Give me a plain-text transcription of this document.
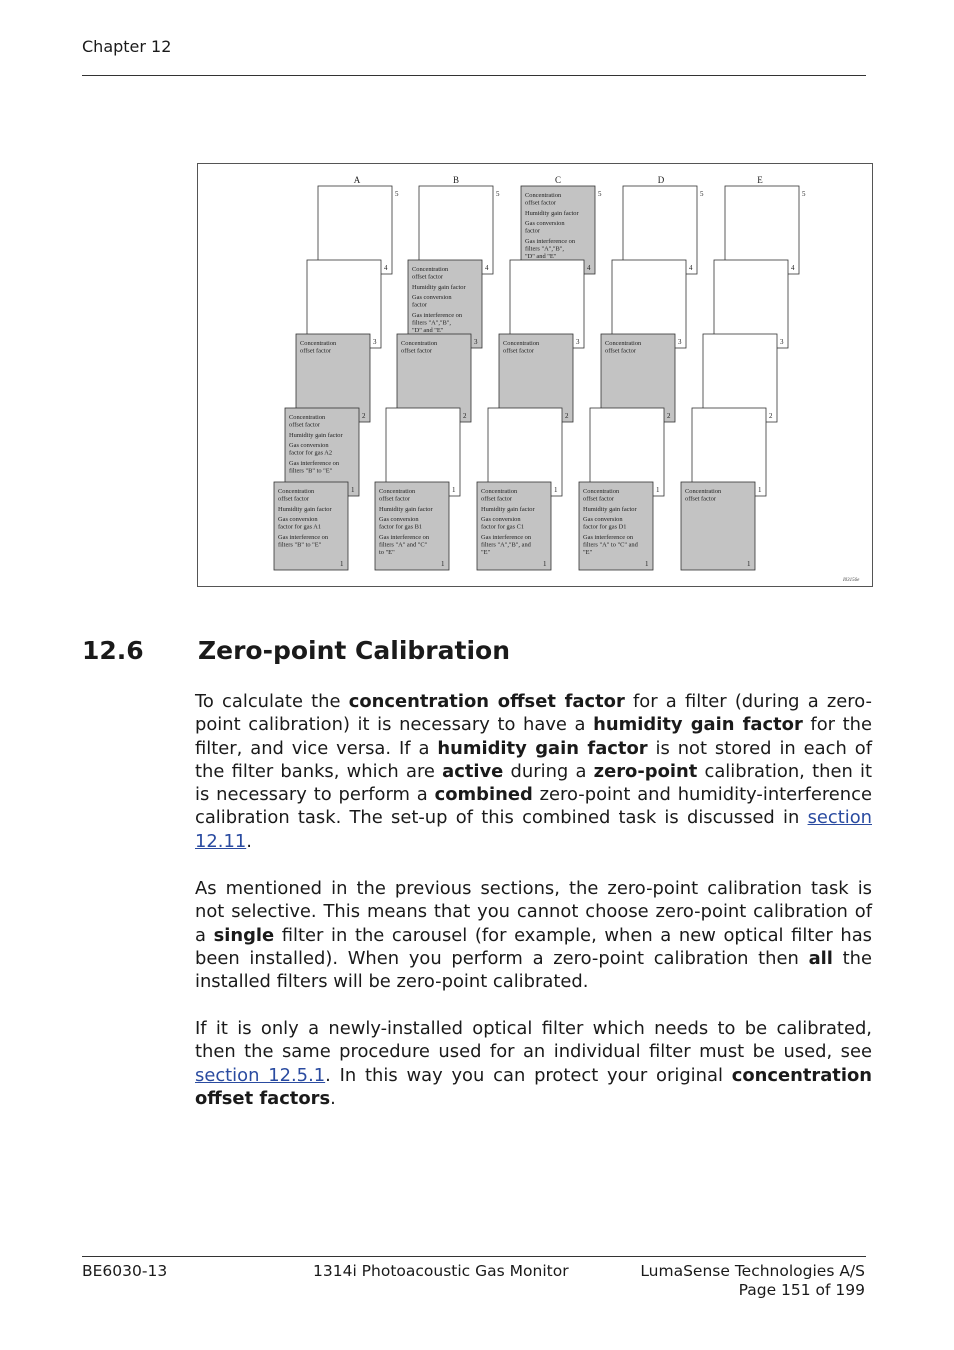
Chapter 12
A	B	C	D	E
5	5	5
Concentration
offset factor
Humidity gain factor
Gas conversion
factor
Gas interference on
filters "A","B",
"D" and "E"
5	5
4	4
Concentration
offset factor
Humidity gain factor
Gas conversion
factor
Gas interference on
filters "A","B",
"D" and "E"
4	4	4
3
Concentration
offset factor
3
Concentration
offset factor
3
Concentration
offset factor
3
Concentration
offset factor
3
2
Concentration
offset factor
Humidity gain factor
Gas conversion
factor for gas A2
Gas interference on
filters "B" to "E"
2	2	2	2
1
1
Concentration
offset factor
Humidity gain factor
Gas conversion
factor for gas A1
Gas interference on
filters "B" to "E"
1
1
Concentration
offset factor
Humidity gain factor
Gas conversion
factor for gas B1
Gas interference on
filters "A" and "C"
to "E"
1
1
Concentration
offset factor
Humidity gain factor
Gas conversion
factor for gas C1
Gas interference on
filters "A","B", and
"E"
1
1
Concentration
offset factor
Humidity gain factor
Gas conversion
factor for gas D1
Gas interference on
filters "A" to "C" and
"E"
1
1
Concentration
offset factor
I03156e
12.6 Zero-point Calibration
To calculate the concentration offset factor for a filter (during a zero-point calibration) it is necessary to have a humidity gain factor for the filter, and vice versa. If a humidity gain factor is not stored in each of the filter banks, which are active during a zero-point calibration, then it is necessary to perform a combined zero-point and humidity-interference calibration task. The set-up of this combined task is discussed in section 12.11.
As mentioned in the previous sections, the zero-point calibration task is not selective. This means that you cannot choose zero-point calibration of a single filter in the carousel (for example, when a new optical filter has been installed). When you perform a zero-point calibration then all the installed filters will be zero-point calibrated.
If it is only a newly-installed optical filter which needs to be calibrated, then the same procedure used for an individual filter must be used, see section 12.5.1. In this way you can protect your original concentration offset factors.
BE6030-13	1314i Photoacoustic Gas Monitor	LumaSense Technologies A/S
Page 151 of 199
